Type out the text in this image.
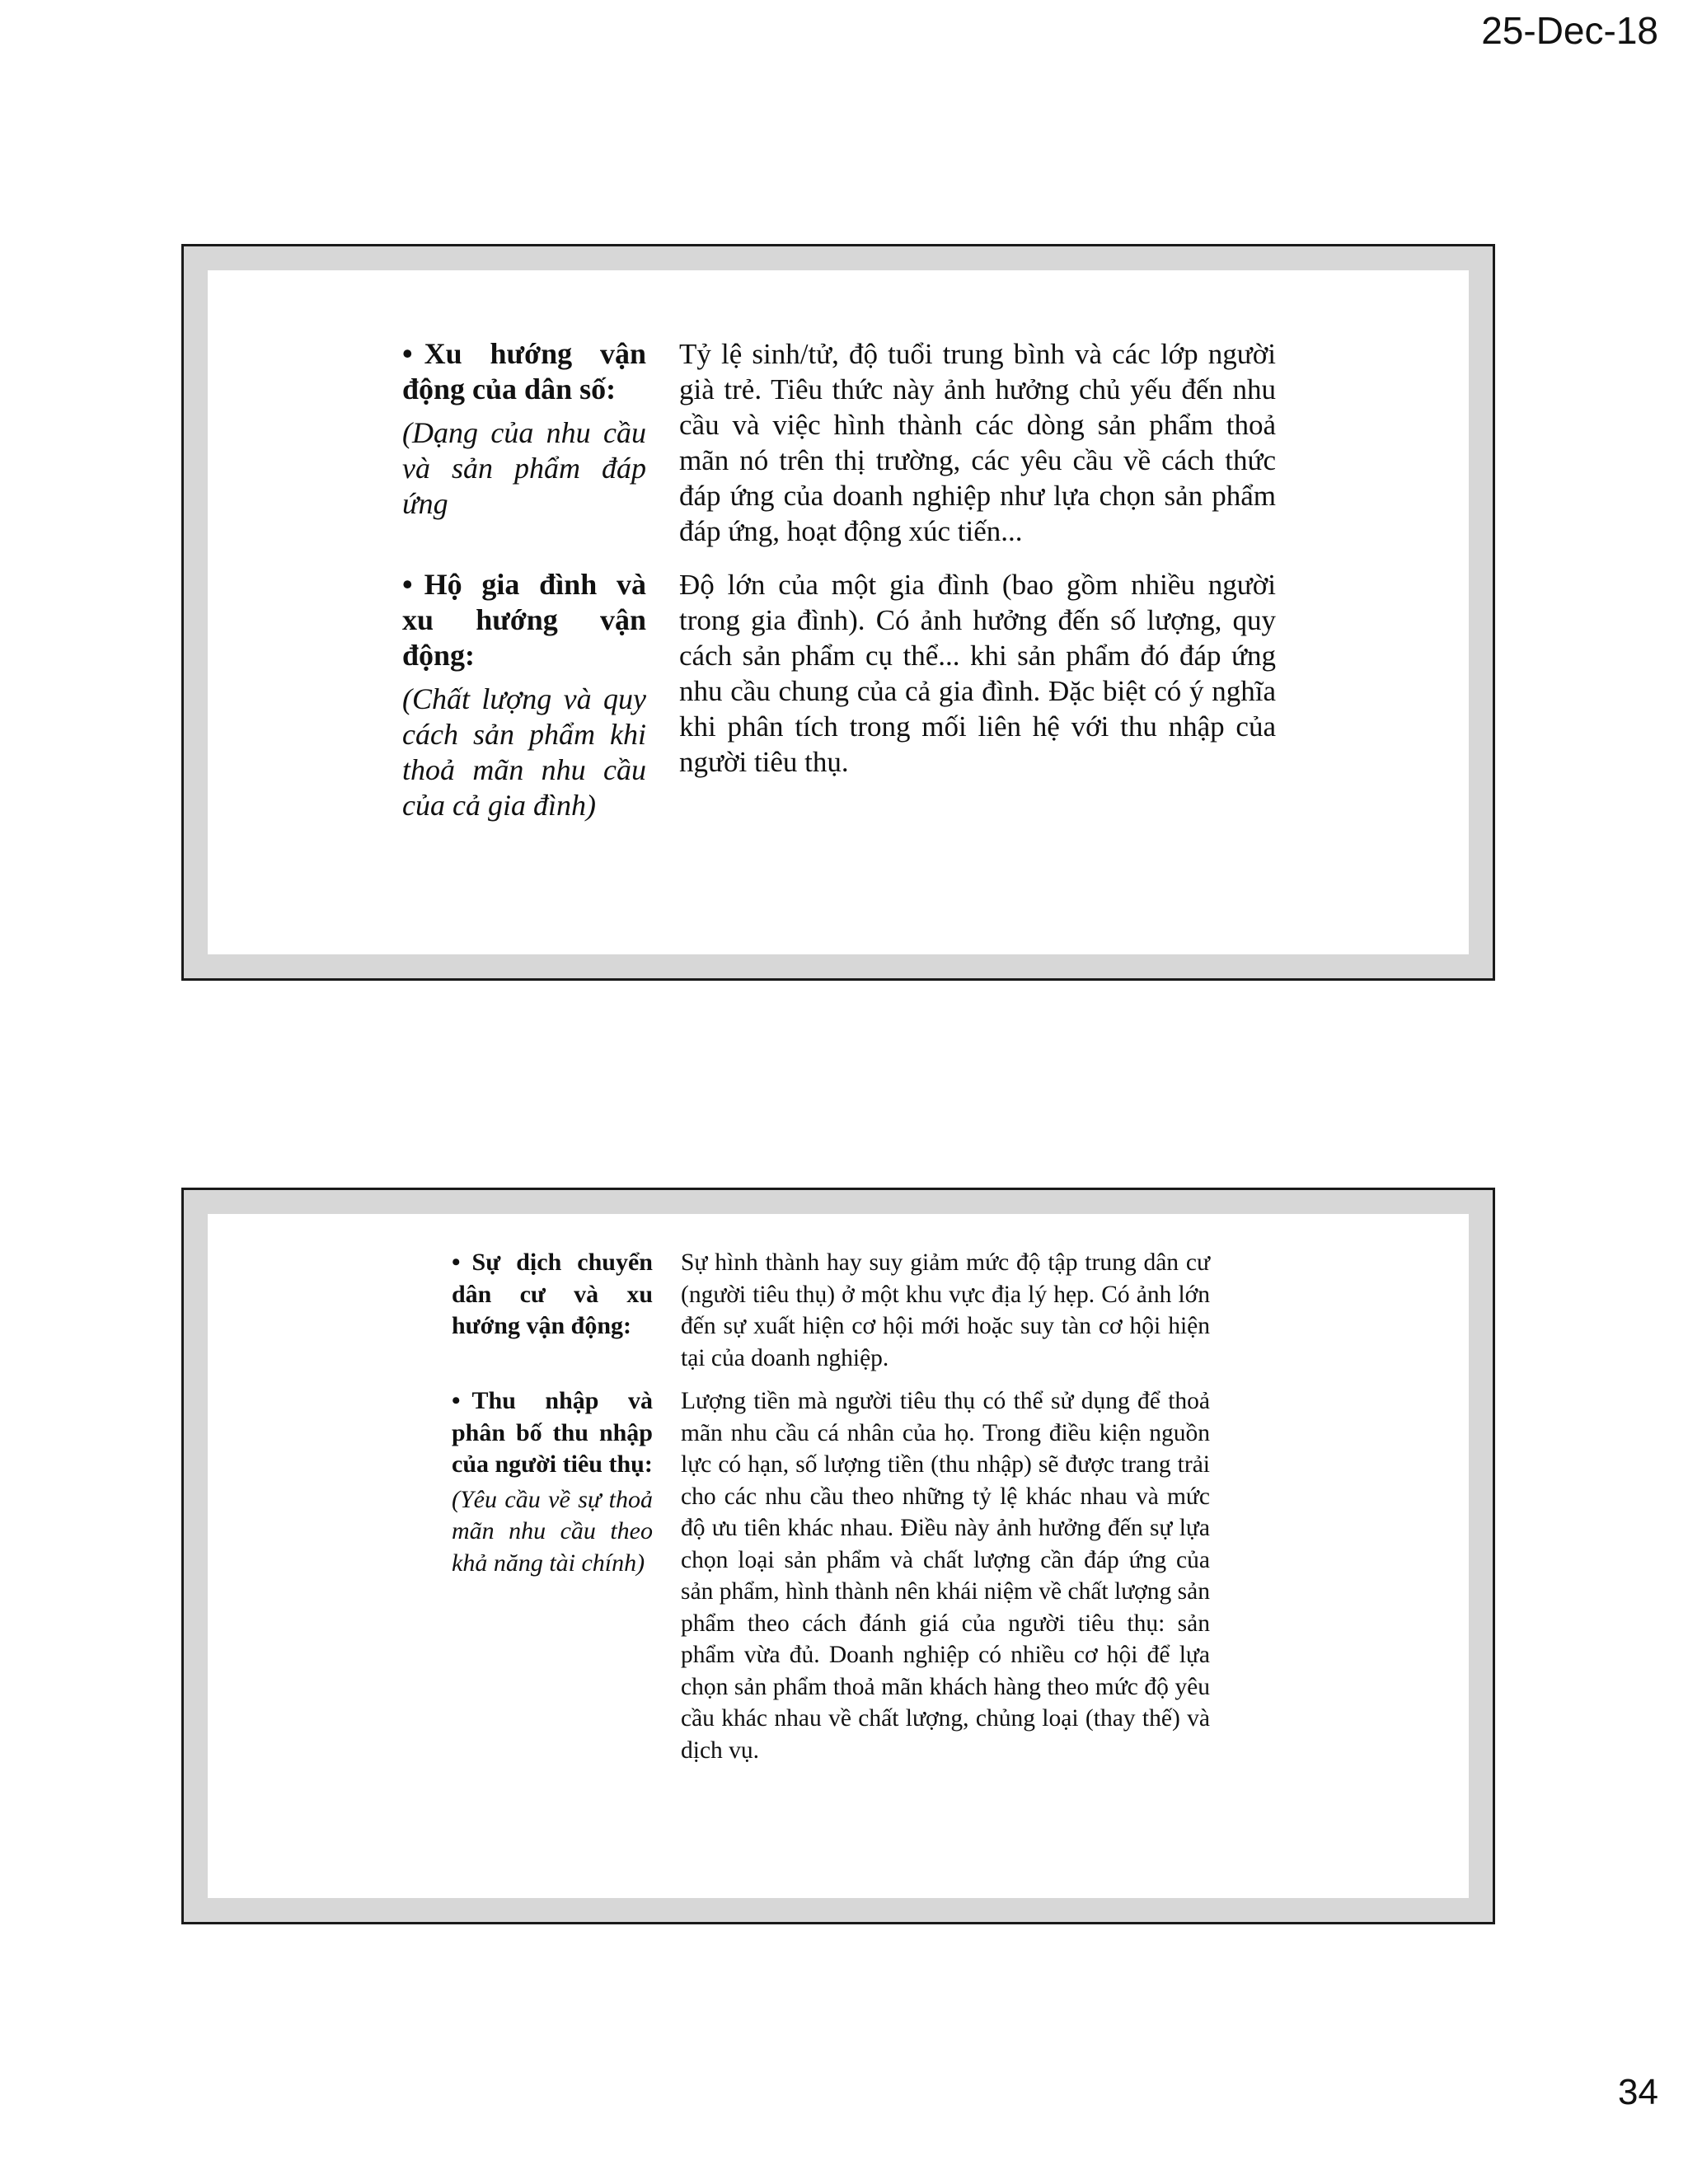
25-Dec-18
• Xu hướng vận động của dân số:
(Dạng của nhu cầu và sản phẩm đáp ứng
Tỷ lệ sinh/tử, độ tuổi trung bình và các lớp người già trẻ. Tiêu thức này ảnh hưởng chủ yếu đến nhu cầu và việc hình thành các dòng sản phẩm thoả mãn nó trên thị trường, các yêu cầu về cách thức đáp ứng của doanh nghiệp như lựa chọn sản phẩm đáp ứng, hoạt động xúc tiến...
• Hộ gia đình và xu hướng vận động:
(Chất lượng và quy cách sản phẩm khi thoả mãn nhu cầu của cả gia đình)
Độ lớn của một gia đình (bao gồm nhiều người trong gia đình). Có ảnh hưởng đến số lượng, quy cách sản phẩm cụ thể... khi sản phẩm đó đáp ứng nhu cầu chung của cả gia đình. Đặc biệt có ý nghĩa khi phân tích trong mối liên hệ với thu nhập của người tiêu thụ.
• Sự dịch chuyển dân cư và xu hướng vận động:
Sự hình thành hay suy giảm mức độ tập trung dân cư (người tiêu thụ) ở một khu vực địa lý hẹp. Có ảnh lớn đến sự xuất hiện cơ hội mới hoặc suy tàn cơ hội hiện tại của doanh nghiệp.
• Thu nhập và phân bố thu nhập của người tiêu thụ:
(Yêu cầu về sự thoả mãn nhu cầu theo khả năng tài chính)
Lượng tiền mà người tiêu thụ có thể sử dụng để thoả mãn nhu cầu cá nhân của họ. Trong điều kiện nguồn lực có hạn, số lượng tiền (thu nhập) sẽ được trang trải cho các nhu cầu theo những tỷ lệ khác nhau và mức độ ưu tiên khác nhau. Điều này ảnh hưởng đến sự lựa chọn loại sản phẩm và chất lượng cần đáp ứng của sản phẩm, hình thành nên khái niệm về chất lượng sản phẩm theo cách đánh giá của người tiêu thụ: sản phẩm vừa đủ. Doanh nghiệp có nhiều cơ hội để lựa chọn sản phẩm thoả mãn khách hàng theo mức độ yêu cầu khác nhau về chất lượng, chủng loại (thay thế) và dịch vụ.
34
